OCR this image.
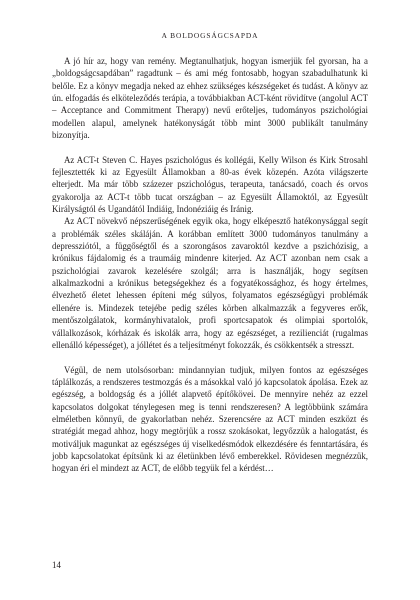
A BOLDOGSÁGCSAPDA

A jó hír az, hogy van remény. Megtanulhatjuk, hogyan ismerjük fel gyorsan, ha a „boldogságcsapdában” ragadtunk – és ami még fontosabb, hogyan szabadulhatunk ki belőle. Ez a könyv megadja neked az ehhez szükséges készségeket és tudást. A könyv az ún. elfogadás és elköteleződés terápia, a továbbiakban ACT-ként rövidítve (angolul ACT – Acceptance and Commitment Therapy) nevű erőteljes, tudományos pszichológiai modellen alapul, amelynek hatékonyságát több mint 3000 publikált tanulmány bizonyítja.

Az ACT-t Steven C. Hayes pszichológus és kollégái, Kelly Wilson és Kirk Strosahl fejlesztették ki az Egyesült Államokban a 80-as évek közepén. Azóta világszerte elterjedt. Ma már több százezer pszichológus, terapeuta, tanácsadó, coach és orvos gyakorolja az ACT-t több tucat országban – az Egyesült Államoktól, az Egyesült Királyságtól és Ugandától Indiáig, Indonéziáig és Iránig.

Az ACT növekvő népszerűségének egyik oka, hogy elképesztő hatékonysággal segít a problémák széles skáláján. A korábban említett 3000 tudományos tanulmány a depressziótól, a függőségtől és a szorongásos zavaroktól kezdve a pszichózisig, a krónikus fájdalomig és a traumáig mindenre kiterjed. Az ACT azonban nem csak a pszichológiai zavarok kezelésére szolgál; arra is használják, hogy segítsen alkalmazkodni a krónikus betegségekhez és a fogyatékossághoz, és hogy értelmes, élvezhető életet lehessen építeni még súlyos, folyamatos egészségügyi problémák ellenére is. Mindezek tetejébe pedig széles körben alkalmazzák a fegyveres erők, mentőszolgálatok, kormányhivatalok, profi sportcsapatok és olimpiai sportolók, vállalkozások, kórházak és iskolák arra, hogy az egészséget, a rezilienciát (rugalmas ellenálló képességet), a jóllétet és a teljesítményt fokozzák, és csökkentsék a stresszt.

Végül, de nem utolsósorban: mindannyian tudjuk, milyen fontos az egészséges táplálkozás, a rendszeres testmozgás és a másokkal való jó kapcsolatok ápolása. Ezek az egészség, a boldogság és a jóllét alapvető építőkövei. De mennyire nehéz az ezzel kapcsolatos dolgokat ténylegesen meg is tenni rendszeresen? A legtöbbünk számára elméletben könnyű, de gyakorlatban nehéz. Szerencsére az ACT minden eszközt és stratégiát megad ahhoz, hogy megtörjük a rossz szokásokat, legyőzzük a halogatást, és motiváljuk magunkat az egészséges új viselkedésmódok elkezdésére és fenntartására, és jobb kapcsolatokat építsünk ki az életünkben lévő emberekkel. Rövidesen megnézzük, hogyan éri el mindezt az ACT, de előbb tegyük fel a kérdést…

14
